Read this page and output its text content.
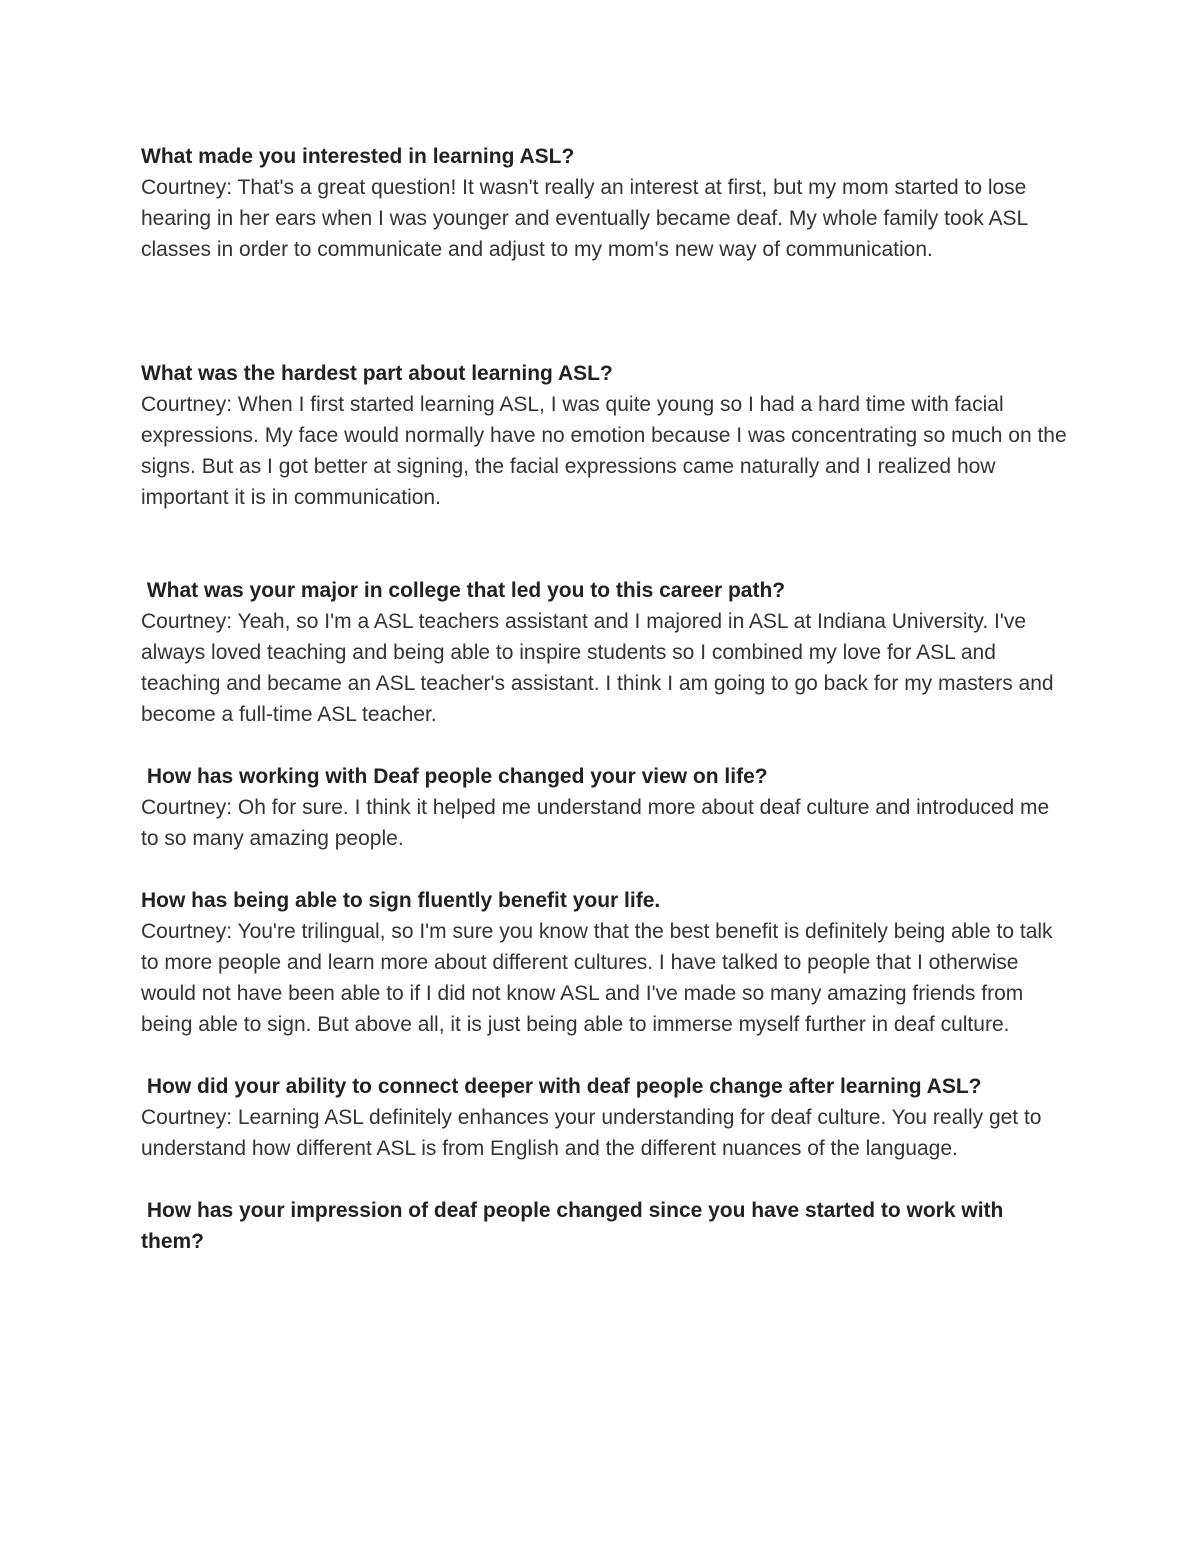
What made you interested in learning ASL?

Courtney: That's a great question! It wasn't really an interest at first, but my mom started to lose hearing in her ears when I was younger and eventually became deaf. My whole family took ASL classes in order to communicate and adjust to my mom's new way of communication.

What was the hardest part about learning ASL?

Courtney: When I first started learning ASL, I was quite young so I had a hard time with facial expressions. My face would normally have no emotion because I was concentrating so much on the signs. But as I got better at signing, the facial expressions came naturally and I realized how important it is in communication.

What was your major in college that led you to this career path?

Courtney: Yeah, so I'm a ASL teachers assistant and I majored in ASL at Indiana University. I've always loved teaching and being able to inspire students so I combined my love for ASL and teaching and became an ASL teacher's assistant. I think I am going to go back for my masters and become a full-time ASL teacher.

How has working with Deaf people changed your view on life?

Courtney: Oh for sure. I think it helped me understand more about deaf culture and introduced me to so many amazing people.

How has being able to sign fluently benefit your life.

Courtney: You're trilingual, so I'm sure you know that the best benefit is definitely being able to talk to more people and learn more about different cultures. I have talked to people that I otherwise would not have been able to if I did not know ASL and I've made so many amazing friends from being able to sign. But above all, it is just being able to immerse myself further in deaf culture.

How did your ability to connect deeper with deaf people change after learning ASL?

Courtney: Learning ASL definitely enhances your understanding for deaf culture. You really get to understand how different ASL is from English and the different nuances of the language.

How has your impression of deaf people changed since you have started to work with them?
